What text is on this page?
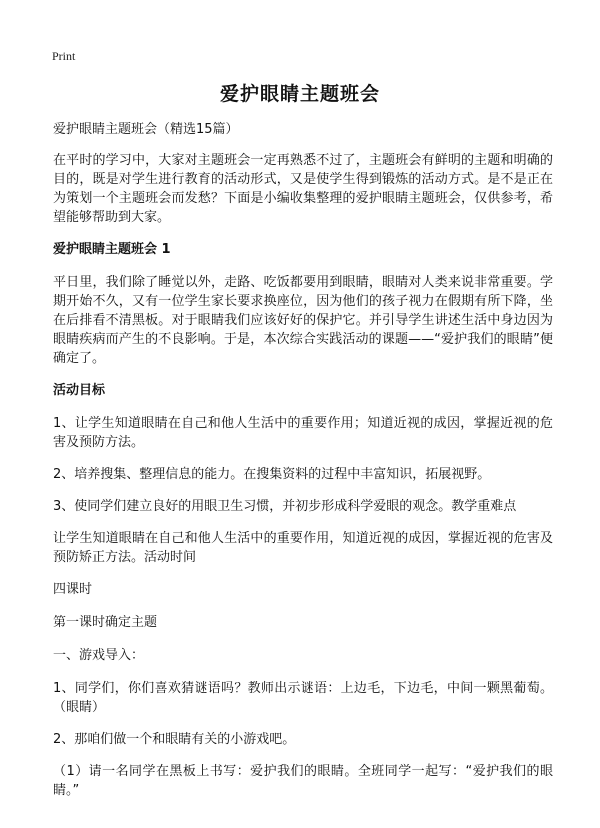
Print
爱护眼睛主题班会

爱护眼睛主题班会（精选15篇）

在平时的学习中，大家对主题班会一定再熟悉不过了，主题班会有鲜明的主题和明确的目的，既是对学生进行教育的活动形式，又是使学生得到锻炼的活动方式。是不是正在为策划一个主题班会而发愁？下面是小编收集整理的爱护眼睛主题班会，仅供参考，希望能够帮助到大家。

爱护眼睛主题班会 1

平日里，我们除了睡觉以外，走路、吃饭都要用到眼睛，眼睛对人类来说非常重要。学期开始不久，又有一位学生家长要求换座位，因为他们的孩子视力在假期有所下降，坐在后排看不清黑板。对于眼睛我们应该好好的保护它。并引导学生讲述生活中身边因为眼睛疾病而产生的不良影响。于是，本次综合实践活动的课题——“爱护我们的眼睛”便确定了。

活动目标

1、让学生知道眼睛在自己和他人生活中的重要作用；知道近视的成因，掌握近视的危害及预防方法。

2、培养搜集、整理信息的能力。在搜集资料的过程中丰富知识，拓展视野。

3、使同学们建立良好的用眼卫生习惯，并初步形成科学爱眼的观念。教学重难点

让学生知道眼睛在自己和他人生活中的重要作用，知道近视的成因，掌握近视的危害及预防矫正方法。活动时间

四课时

第一课时确定主题

一、游戏导入：

1、同学们，你们喜欢猜谜语吗？教师出示谜语：上边毛，下边毛，中间一颗黑葡萄。（眼睛）

2、那咱们做一个和眼睛有关的小游戏吧。

（1）请一名同学在黑板上书写：爱护我们的眼睛。全班同学一起写：“爱护我们的眼睛。”
